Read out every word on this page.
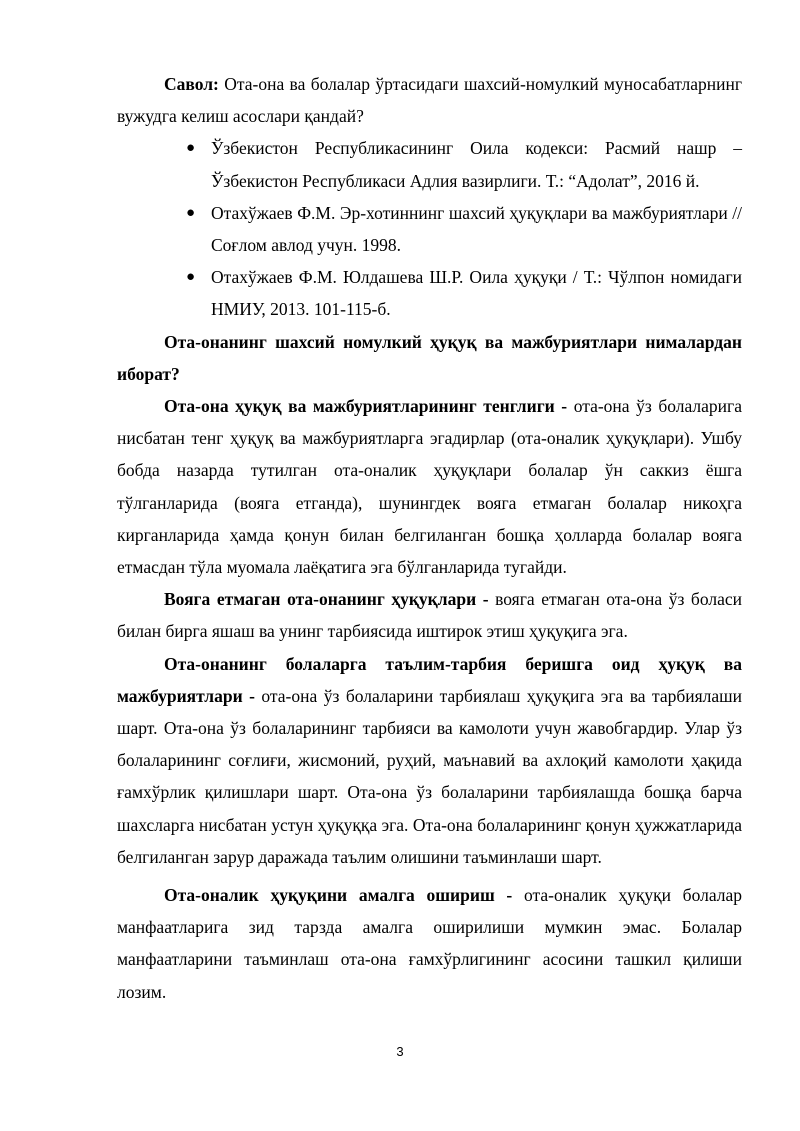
Савол: Ота-она ва болалар ўртасидаги шахсий-номулкий муносабатларнинг вужудга келиш асослари қандай?

● Ўзбекистон Республикасининг Оила кодекси: Расмий нашр – Ўзбекистон Республикаси Адлия вазирлиги. Т.: “Адолат”, 2016 й.
● Отахўжаев Ф.М. Эр-хотиннинг шахсий ҳуқуқлари ва мажбуриятлари // Соғлом авлод учун. 1998.
● Отахўжаев Ф.М. Юлдашева Ш.Р. Оила ҳуқуқи / Т.: Чўлпон номидаги НМИУ, 2013. 101-115-б.

Ота-онанинг шахсий номулкий ҳуқуқ ва мажбуриятлари нималардан иборат?

Ота-она ҳуқуқ ва мажбуриятларининг тенглиги - ота-она ўз болаларига нисбатан тенг ҳуқуқ ва мажбуриятларга эгадирлар (ота-оналик ҳуқуқлари). Ушбу бобда назарда тутилган ота-оналик ҳуқуқлари болалар ўн саккиз ёшга тўлганларида (вояга етганда), шунингдек вояга етмаган болалар никоҳга кирганларида ҳамда қонун билан белгиланган бошқа ҳолларда болалар вояга етмасдан тўла муомала лаёқатига эга бўлганларида тугайди.

Вояга етмаган ота-онанинг ҳуқуқлари - вояга етмаган ота-она ўз боласи билан бирга яшаш ва унинг тарбиясида иштирок этиш ҳуқуқига эга.

Ота-онанинг болаларга таълим-тарбия беришга оид ҳуқуқ ва мажбуриятлари - ота-она ўз болаларини тарбиялаш ҳуқуқига эга ва тарбиялаши шарт. Ота-она ўз болаларининг тарбияси ва камолоти учун жавобгардир. Улар ўз болаларининг соғлиғи, жисмоний, руҳий, маънавий ва ахлоқий камолоти ҳақида ғамхўрлик қилишлари шарт. Ота-она ўз болаларини тарбиялашда бошқа барча шахсларга нисбатан устун ҳуқуққа эга. Ота-она болаларининг қонун ҳужжатларида белгиланган зарур даражада таълим олишини таъминлаши шарт.

Ота-оналик ҳуқуқини амалга ошириш - ота-оналик ҳуқуқи болалар манфаатларига зид тарзда амалга оширилиши мумкин эмас. Болалар манфаатларини таъминлаш ота-она ғамхўрлигининг асосини ташкил қилиши лозим.

3
